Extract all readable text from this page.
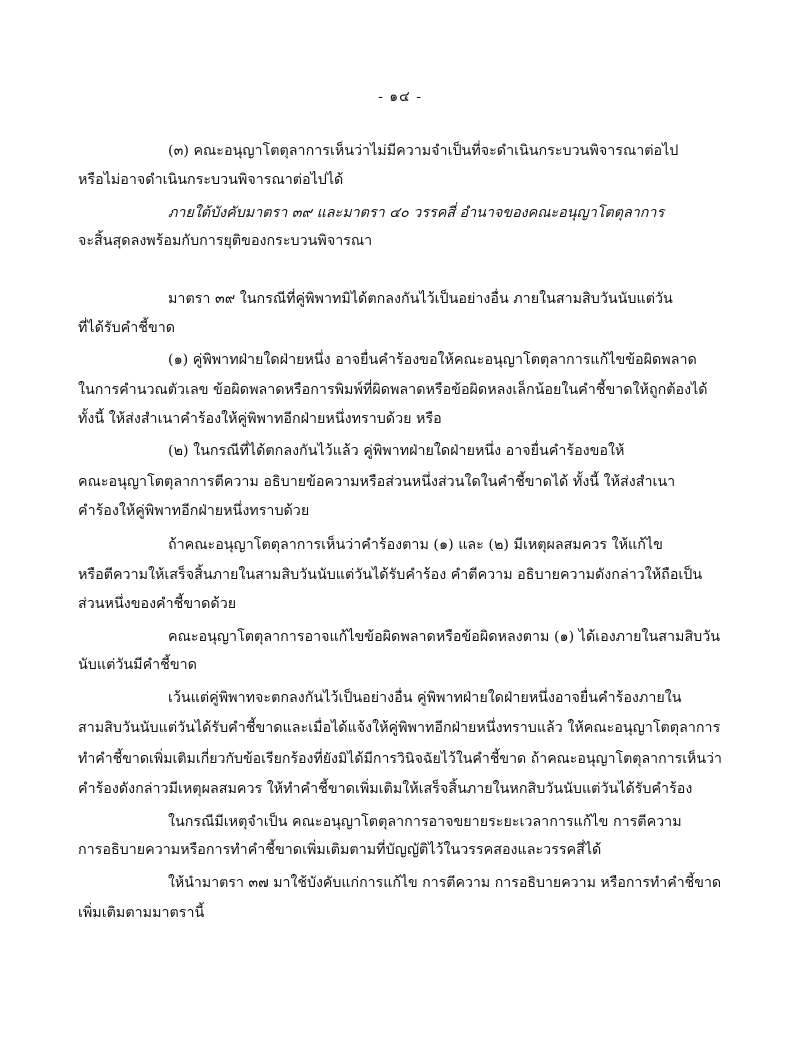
- ๑๔ -
(๓) คณะอนุญาโตตุลาการเห็นว่าไม่มีความจำเป็นที่จะดำเนินกระบวนพิจารณาต่อไป
หรือไม่อาจดำเนินกระบวนพิจารณาต่อไปได้
ภายใต้บังคับมาตรา ๓๙ และมาตรา ๔๐ วรรคสี่ อำนาจของคณะอนุญาโตตุลาการ
จะสิ้นสุดลงพร้อมกับการยุติของกระบวนพิจารณา
มาตรา ๓๙ ในกรณีที่คู่พิพาทมิได้ตกลงกันไว้เป็นอย่างอื่น ภายในสามสิบวันนับแต่วัน
ที่ได้รับคำชี้ขาด
(๑) คู่พิพาทฝ่ายใดฝ่ายหนึ่ง อาจยื่นคำร้องขอให้คณะอนุญาโตตุลาการแก้ไขข้อผิดพลาด
ในการคำนวณตัวเลข ข้อผิดพลาดหรือการพิมพ์ที่ผิดพลาดหรือข้อผิดหลงเล็กน้อยในคำชี้ขาดให้ถูกต้องได้
ทั้งนี้ ให้ส่งสำเนาคำร้องให้คู่พิพาทอีกฝ่ายหนึ่งทราบด้วย หรือ
(๒) ในกรณีที่ได้ตกลงกันไว้แล้ว คู่พิพาทฝ่ายใดฝ่ายหนึ่ง อาจยื่นคำร้องขอให้
คณะอนุญาโตตุลาการตีความ อธิบายข้อความหรือส่วนหนึ่งส่วนใดในคำชี้ขาดได้ ทั้งนี้ ให้ส่งสำเนา
คำร้องให้คู่พิพาทอีกฝ่ายหนึ่งทราบด้วย
ถ้าคณะอนุญาโตตุลาการเห็นว่าคำร้องตาม (๑) และ (๒) มีเหตุผลสมควร ให้แก้ไข
หรือตีความให้เสร็จสิ้นภายในสามสิบวันนับแต่วันได้รับคำร้อง คำตีความ อธิบายความดังกล่าวให้ถือเป็น
ส่วนหนึ่งของคำชี้ขาดด้วย
คณะอนุญาโตตุลาการอาจแก้ไขข้อผิดพลาดหรือข้อผิดหลงตาม (๑) ได้เองภายในสามสิบวัน
นับแต่วันมีคำชี้ขาด
เว้นแต่คู่พิพาทจะตกลงกันไว้เป็นอย่างอื่น คู่พิพาทฝ่ายใดฝ่ายหนึ่งอาจยื่นคำร้องภายใน
สามสิบวันนับแต่วันได้รับคำชี้ขาดและเมื่อได้แจ้งให้คู่พิพาทอีกฝ่ายหนึ่งทราบแล้ว ให้คณะอนุญาโตตุลาการ
ทำคำชี้ขาดเพิ่มเติมเกี่ยวกับข้อเรียกร้องที่ยังมิได้มีการวินิจฉัยไว้ในคำชี้ขาด ถ้าคณะอนุญาโตตุลาการเห็นว่า
คำร้องดังกล่าวมีเหตุผลสมควร ให้ทำคำชี้ขาดเพิ่มเติมให้เสร็จสิ้นภายในหกสิบวันนับแต่วันได้รับคำร้อง
ในกรณีมีเหตุจำเป็น คณะอนุญาโตตุลาการอาจขยายระยะเวลาการแก้ไข การตีความ
การอธิบายความหรือการทำคำชี้ขาดเพิ่มเติมตามที่บัญญัติไว้ในวรรคสองและวรรคสี่ได้
ให้นำมาตรา ๓๗ มาใช้บังคับแก่การแก้ไข การตีความ การอธิบายความ หรือการทำคำชี้ขาด
เพิ่มเติมตามมาตรานี้
